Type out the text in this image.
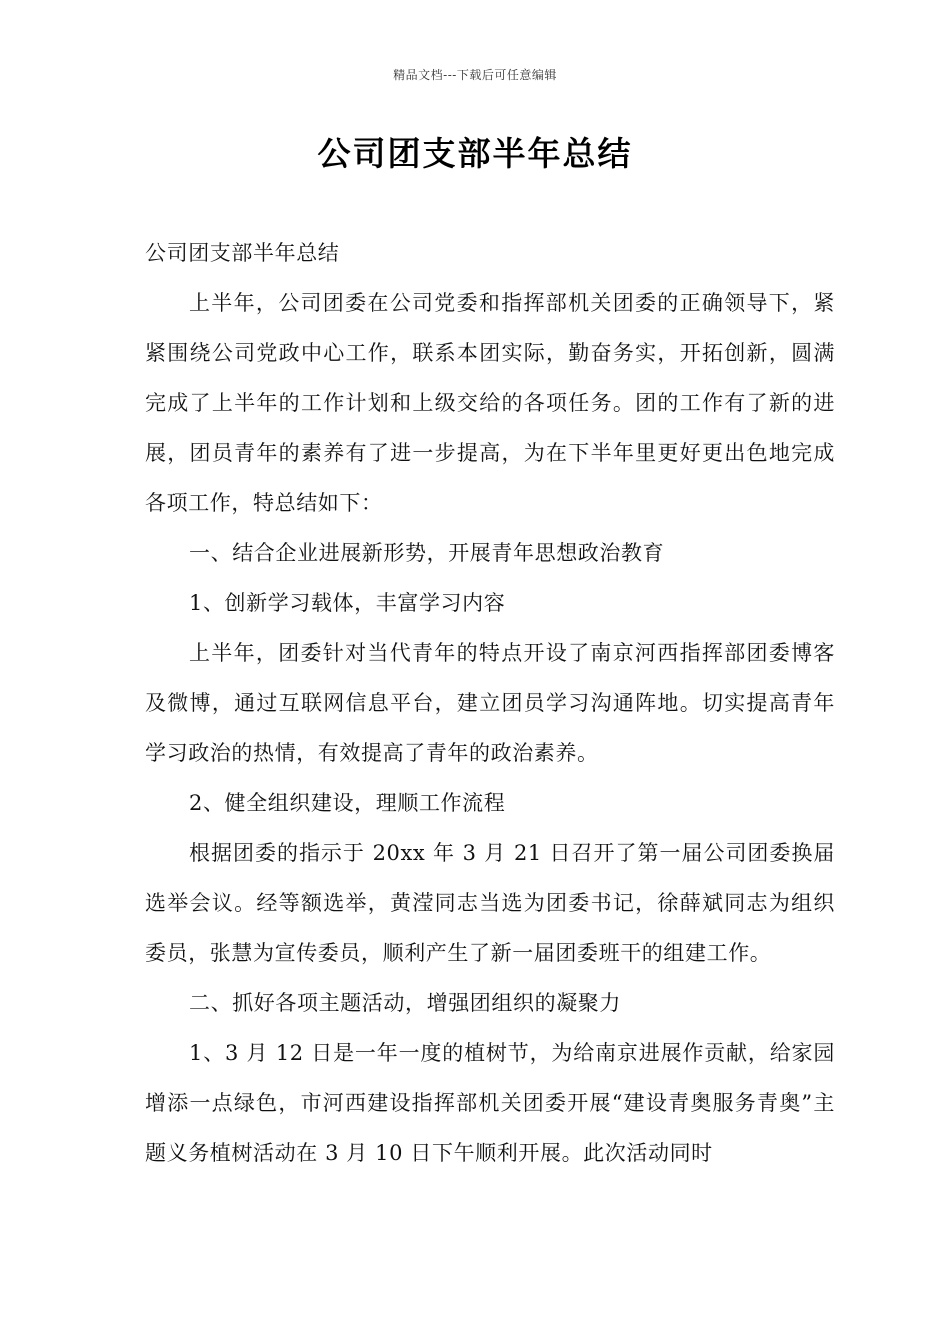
精品文档---下载后可任意编辑
公司团支部半年总结

公司团支部半年总结

上半年，公司团委在公司党委和指挥部机关团委的正确领导下，紧紧围绕公司党政中心工作，联系本团实际，勤奋务实，开拓创新，圆满完成了上半年的工作计划和上级交给的各项任务。团的工作有了新的进展，团员青年的素养有了进一步提高，为在下半年里更好更出色地完成各项工作，特总结如下：

一、结合企业进展新形势，开展青年思想政治教育

1、创新学习载体，丰富学习内容

上半年，团委针对当代青年的特点开设了南京河西指挥部团委博客及微博，通过互联网信息平台，建立团员学习沟通阵地。切实提高青年学习政治的热情，有效提高了青年的政治素养。

2、健全组织建设，理顺工作流程

根据团委的指示于 20xx 年 3 月 21 日召开了第一届公司团委换届选举会议。经等额选举，黄滢同志当选为团委书记，徐薛斌同志为组织委员，张慧为宣传委员，顺利产生了新一届团委班干的组建工作。

二、抓好各项主题活动，增强团组织的凝聚力

1、3 月 12 日是一年一度的植树节，为给南京进展作贡献，给家园增添一点绿色，市河西建设指挥部机关团委开展“建设青奥服务青奥”主题义务植树活动在 3 月 10 日下午顺利开展。此次活动同时
